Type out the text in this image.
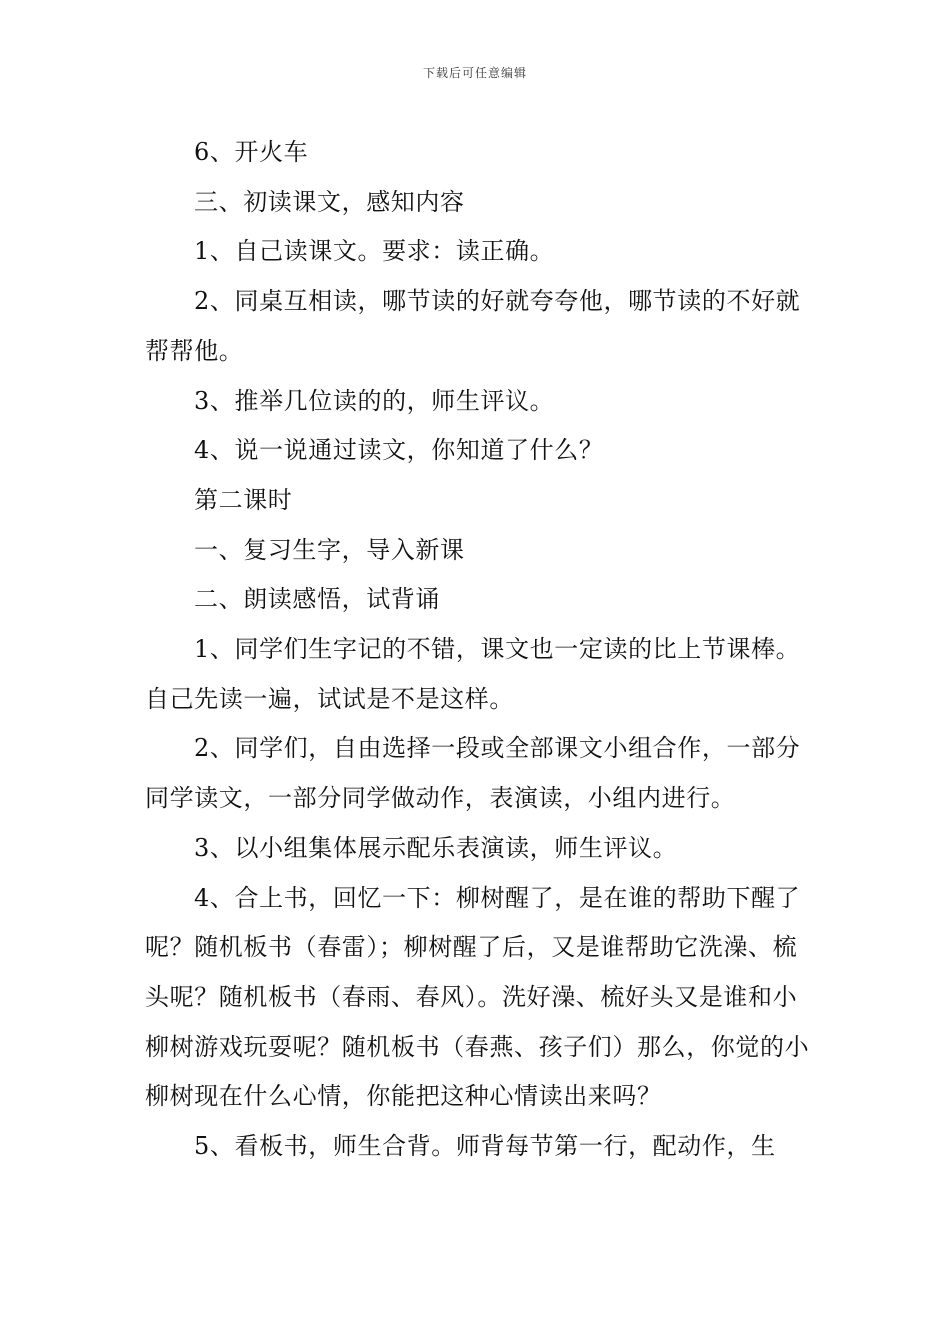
下载后可任意编辑

6、开火车

三、初读课文，感知内容

1、自己读课文。要求：读正确。

2、同桌互相读，哪节读的好就夸夸他，哪节读的不好就帮帮他。

3、推举几位读的的，师生评议。

4、说一说通过读文，你知道了什么？

第二课时

一、复习生字，导入新课

二、朗读感悟，试背诵

1、同学们生字记的不错，课文也一定读的比上节课棒。自己先读一遍，试试是不是这样。

2、同学们，自由选择一段或全部课文小组合作，一部分同学读文，一部分同学做动作，表演读，小组内进行。

3、以小组集体展示配乐表演读，师生评议。

4、合上书，回忆一下：柳树醒了，是在谁的帮助下醒了呢？随机板书（春雷）；柳树醒了后，又是谁帮助它洗澡、梳头呢？随机板书（春雨、春风）。洗好澡、梳好头又是谁和小柳树游戏玩耍呢？随机板书（春燕、孩子们）那么，你觉的小柳树现在什么心情，你能把这种心情读出来吗？

5、看板书，师生合背。师背每节第一行，配动作，生
